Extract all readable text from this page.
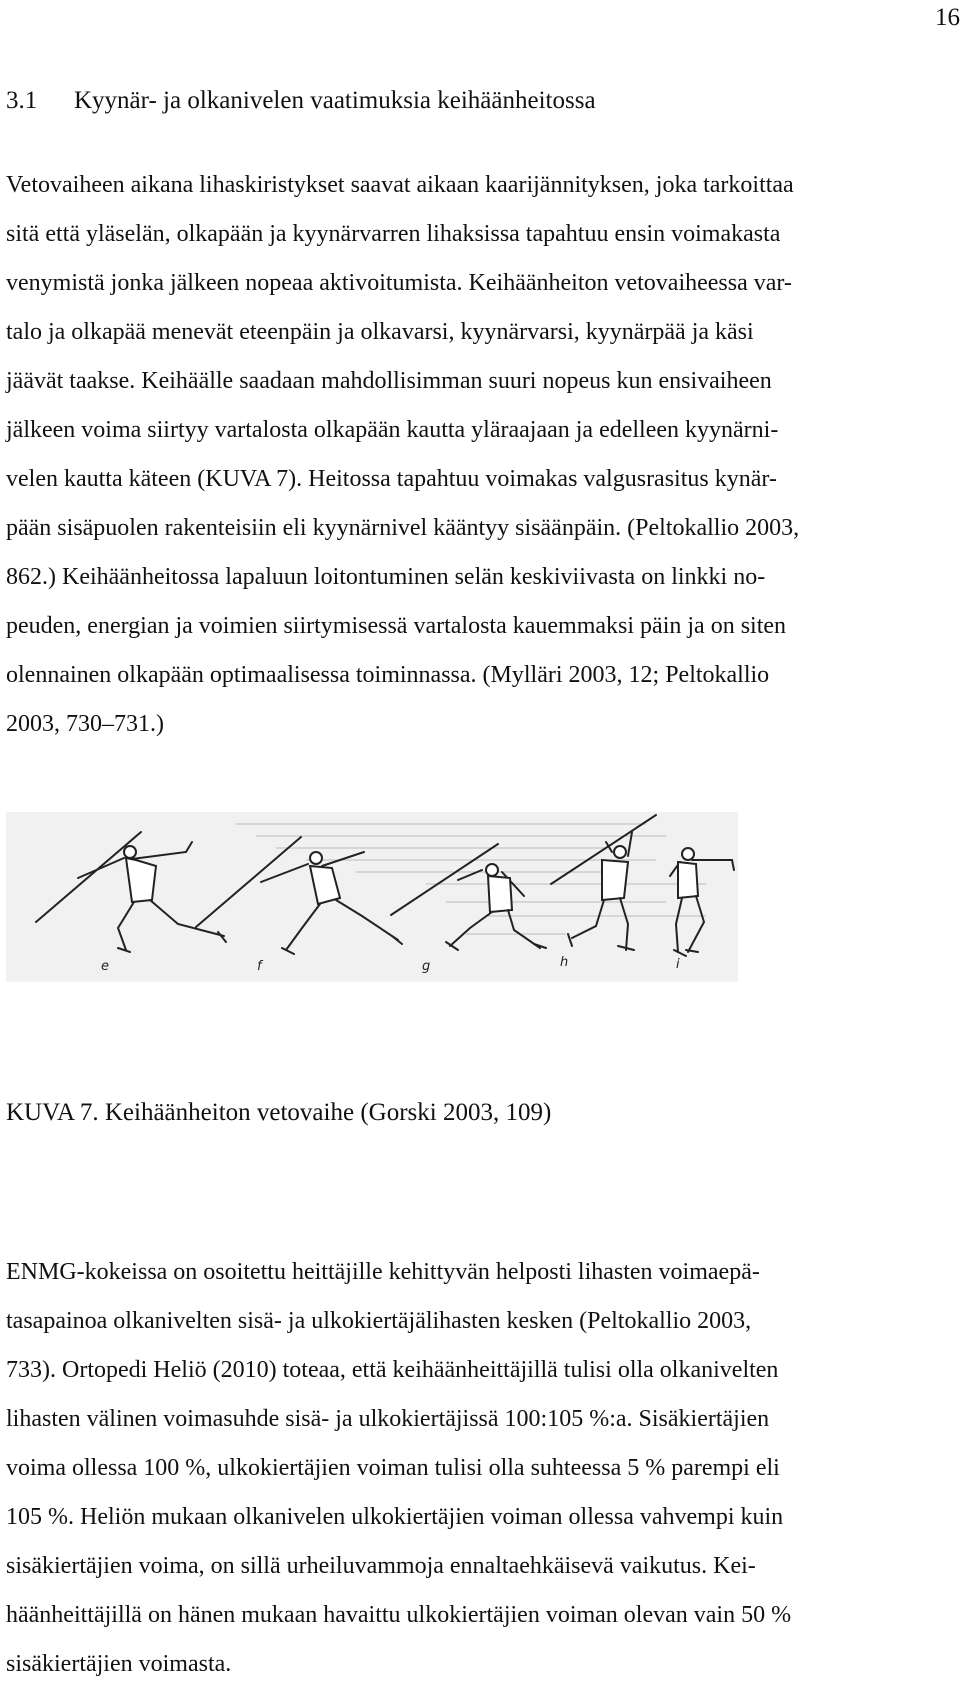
16
3.1 Kyynär- ja olkanivelen vaatimuksia keihäänheitossa

Vetovaiheen aikana lihaskiristykset saavat aikaan kaarijännityksen, joka tarkoittaa
sitä että yläselän, olkapään ja kyynärvarren lihaksissa tapahtuu ensin voimakasta
venymistä jonka jälkeen nopeaa aktivoitumista. Keihäänheiton vetovaiheessa var-
talo ja olkapää menevät eteenpäin ja olkavarsi, kyynärvarsi, kyynärpää ja käsi
jäävät taakse. Keihäälle saadaan mahdollisimman suuri nopeus kun ensivaiheen
jälkeen voima siirtyy vartalosta olkapään kautta yläraajaan ja edelleen kyynärni-
velen kautta käteen (KUVA 7). Heitossa tapahtuu voimakas valgusrasitus kynär-
pään sisäpuolen rakenteisiin eli kyynärnivel kääntyy sisäänpäin. (Peltokallio 2003,
862.) Keihäänheitossa lapaluun loitontuminen selän keskiviivasta on linkki no-
peuden, energian ja voimien siirtymisessä vartalosta kauemmaksi päin ja on siten
olennainen olkapään optimaalisessa toiminnassa. (Mylläri 2003, 12; Peltokallio
2003, 730–731.)

e	f	g	h	i
KUVA 7. Keihäänheiton vetovaihe (Gorski 2003, 109)

ENMG-kokeissa on osoitettu heittäjille kehittyvän helposti lihasten voimaepä-
tasapainoa olkanivelten sisä- ja ulkokiertäjälihasten kesken (Peltokallio 2003,
733). Ortopedi Heliö (2010) toteaa, että keihäänheittäjillä tulisi olla olkanivelten
lihasten välinen voimasuhde sisä- ja ulkokiertäjissä 100:105 %:a. Sisäkiertäjien
voima ollessa 100 %, ulkokiertäjien voiman tulisi olla suhteessa 5 % parempi eli
105 %. Heliön mukaan olkanivelen ulkokiertäjien voiman ollessa vahvempi kuin
sisäkiertäjien voima, on sillä urheiluvammoja ennaltaehkäisevä vaikutus. Kei-
häänheittäjillä on hänen mukaan havaittu ulkokiertäjien voiman olevan vain 50 %
sisäkiertäjien voimasta.
